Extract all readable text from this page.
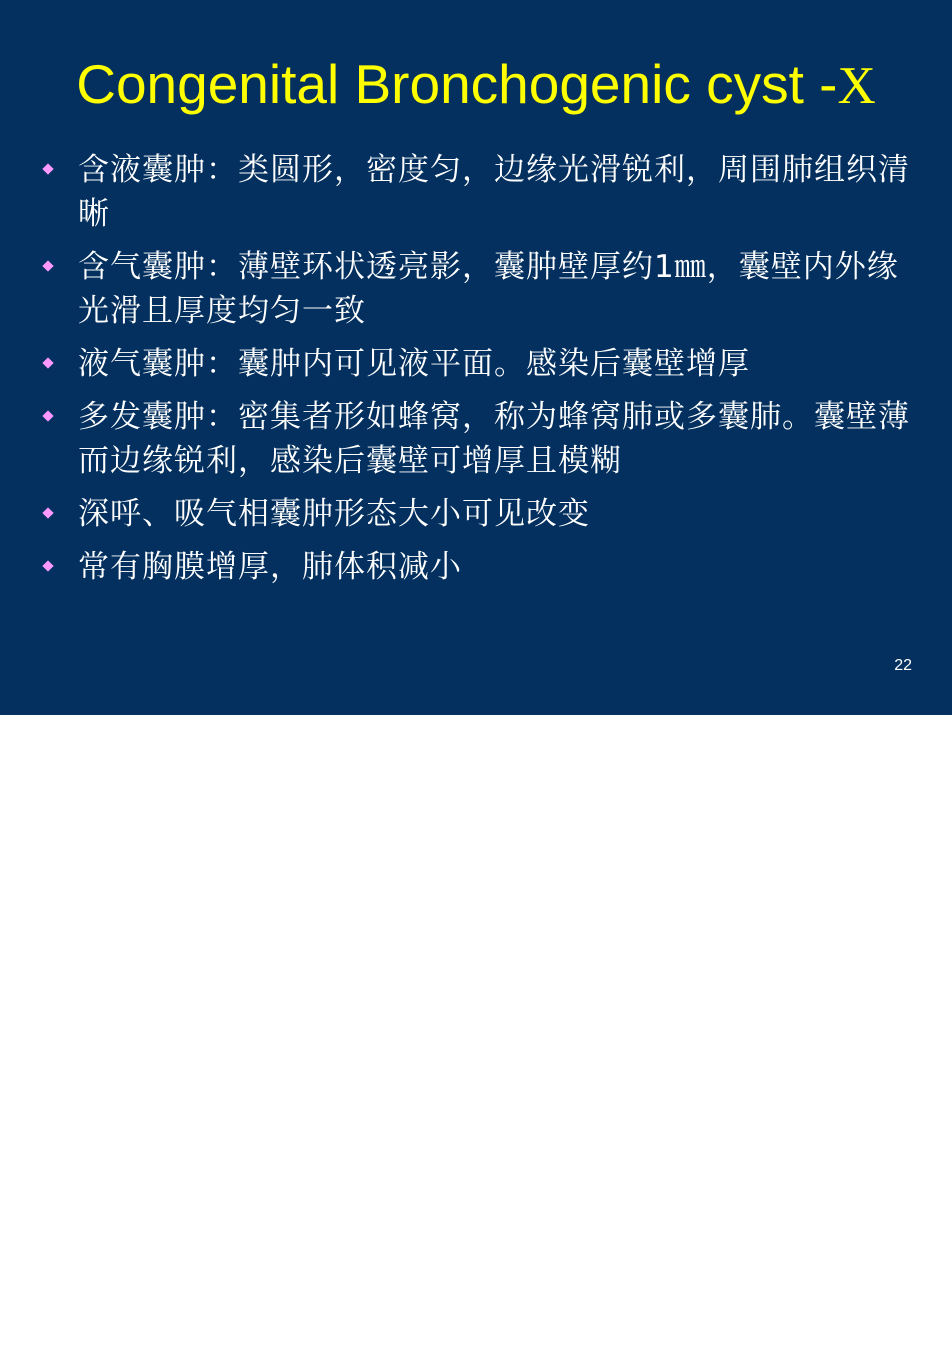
Congenital Bronchogenic cyst -X
含液囊肿：类圆形，密度匀，边缘光滑锐利，周围肺组织清晰
含气囊肿：薄壁环状透亮影，囊肿壁厚约1㎜，囊壁内外缘光滑且厚度均匀一致
液气囊肿：囊肿内可见液平面。感染后囊壁增厚
多发囊肿：密集者形如蜂窝，称为蜂窝肺或多囊肺。囊壁薄而边缘锐利，感染后囊壁可增厚且模糊
深呼、吸气相囊肿形态大小可见改变
常有胸膜增厚，肺体积减小
22
